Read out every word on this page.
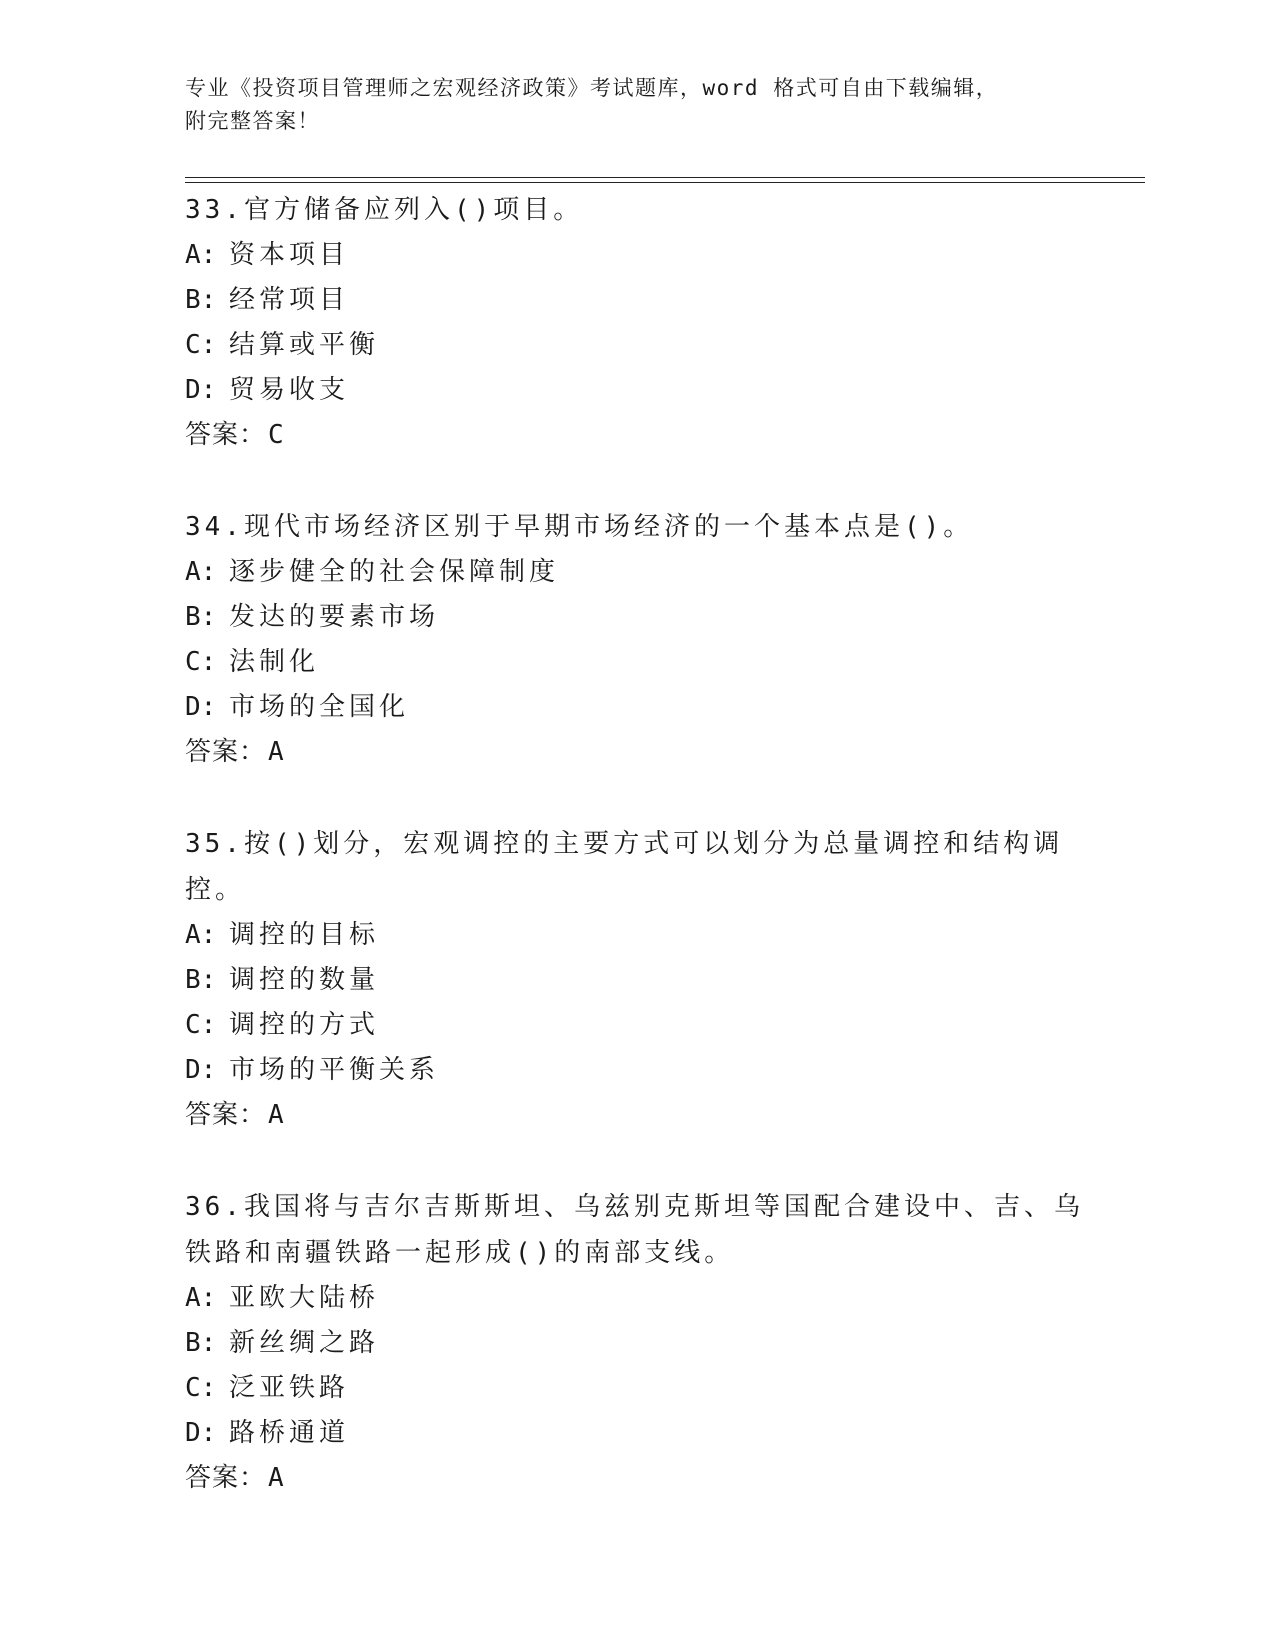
专业《投资项目管理师之宏观经济政策》考试题库，word 格式可自由下载编辑，
附完整答案！

33.官方储备应列入()项目。

A: 资本项目
B: 经常项目
C: 结算或平衡
D: 贸易收支
答案：C

34.现代市场经济区别于早期市场经济的一个基本点是()。

A: 逐步健全的社会保障制度
B: 发达的要素市场
C: 法制化
D: 市场的全国化
答案：A

35.按()划分，宏观调控的主要方式可以划分为总量调控和结构调控。

A: 调控的目标
B: 调控的数量
C: 调控的方式
D: 市场的平衡关系
答案：A

36.我国将与吉尔吉斯斯坦、乌兹别克斯坦等国配合建设中、吉、乌铁路和南疆铁路一起形成()的南部支线。

A: 亚欧大陆桥
B: 新丝绸之路
C: 泛亚铁路
D: 路桥通道
答案：A
